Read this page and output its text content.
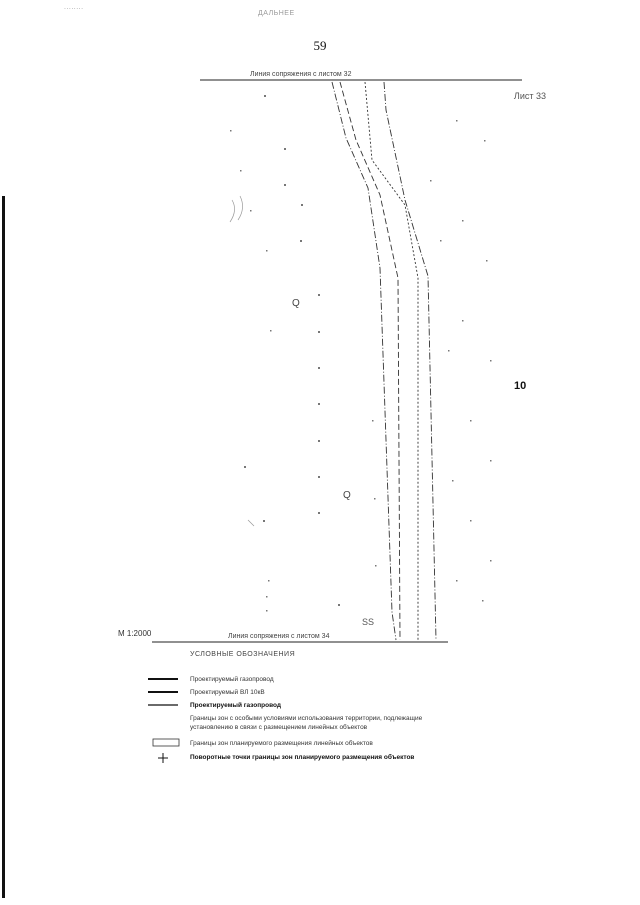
........
ДАЛЬНЕЕ
59
Лист 33
Линия сопряжения с листом 32
Линия сопряжения с листом 34
М 1:2000
10
Q
Q
SS
УСЛОВНЫЕ ОБОЗНАЧЕНИЯ
Проектируемый газопровод
Проектируемый ВЛ 10кВ
Проектируемый газопровод
Границы зон с особыми условиями использования территории, подлежащие установлению в связи с размещением линейных объектов
Границы зон планируемого размещения линейных объектов
Поворотные точки границы зон планируемого размещения объектов
